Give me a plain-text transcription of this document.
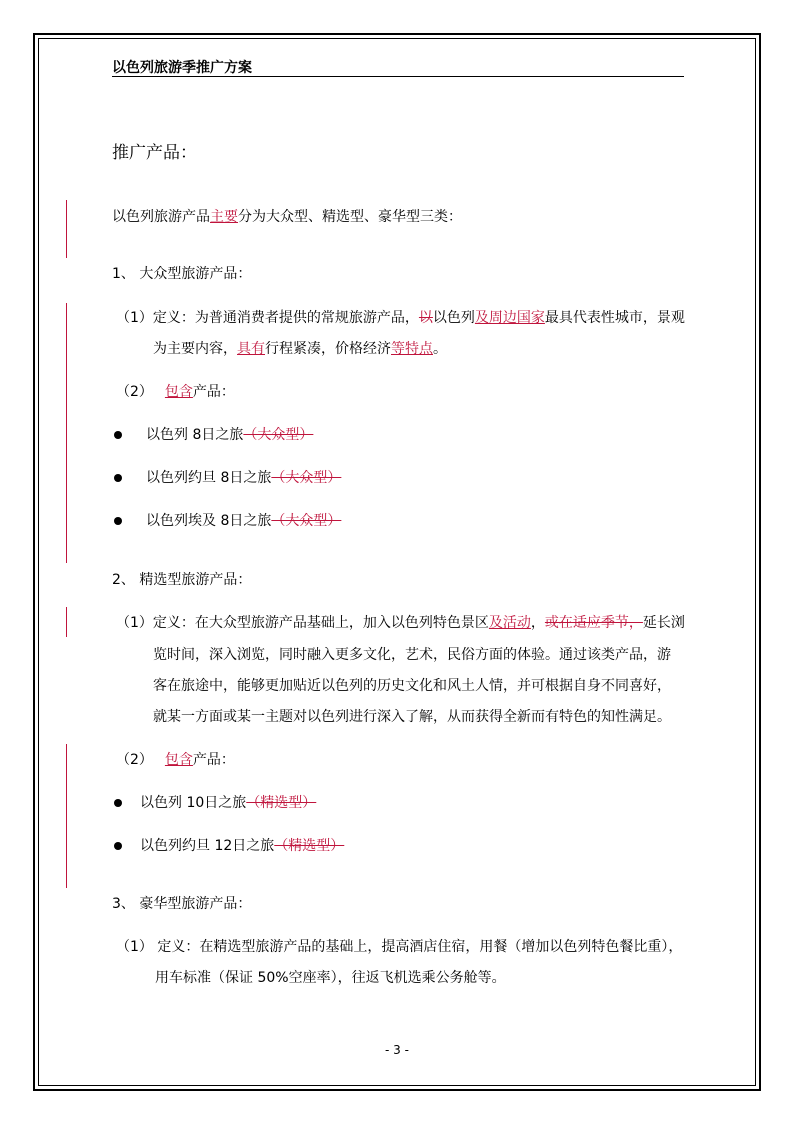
以色列旅游季推广方案
推广产品：
以色列旅游产品主要分为大众型、精选型、豪华型三类：
1、 大众型旅游产品：
（1）定义：为普通消费者提供的常规旅游产品，以以色列及周边国家最具代表性城市，景观
为主要内容，具有行程紧凑，价格经济等特点。
（2） 包含产品：
以色列 8日之旅（大众型）
以色列约旦 8日之旅（大众型）
以色列埃及 8日之旅（大众型）
2、 精选型旅游产品：
（1）定义：在大众型旅游产品基础上，加入以色列特色景区及活动，或在适应季节，延长浏
览时间，深入浏览，同时融入更多文化，艺术，民俗方面的体验。通过该类产品，游
客在旅途中，能够更加贴近以色列的历史文化和风土人情，并可根据自身不同喜好，
就某一方面或某一主题对以色列进行深入了解，从而获得全新而有特色的知性满足。
（2） 包含产品：
以色列 10日之旅（精选型）
以色列约旦 12日之旅（精选型）
3、 豪华型旅游产品：
（1） 定义：在精选型旅游产品的基础上，提高酒店住宿，用餐（增加以色列特色餐比重），
用车标准（保证 50%空座率），往返飞机选乘公务舱等。
- 3 -
